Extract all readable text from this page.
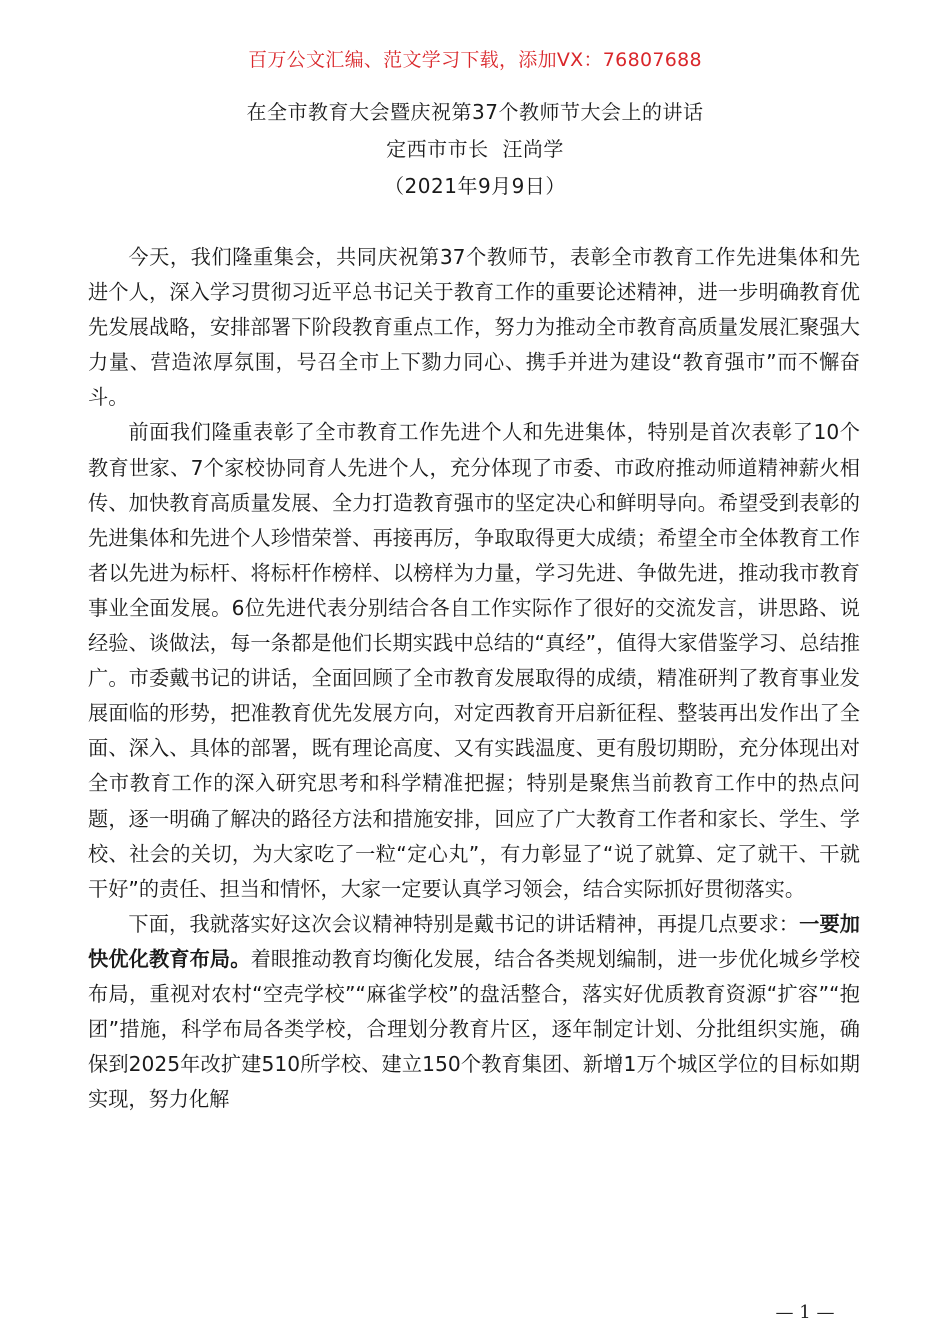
百万公文汇编、范文学习下载，添加VX：76807688
在全市教育大会暨庆祝第37个教师节大会上的讲话
定西市市长  汪尚学
（2021年9月9日）

今天，我们隆重集会，共同庆祝第37个教师节，表彰全市教育工作先进集体和先进个人，深入学习贯彻习近平总书记关于教育工作的重要论述精神，进一步明确教育优先发展战略，安排部署下阶段教育重点工作，努力为推动全市教育高质量发展汇聚强大力量、营造浓厚氛围，号召全市上下勠力同心、携手并进为建设“教育强市”而不懈奋斗。

前面我们隆重表彰了全市教育工作先进个人和先进集体，特别是首次表彰了10个教育世家、7个家校协同育人先进个人，充分体现了市委、市政府推动师道精神薪火相传、加快教育高质量发展、全力打造教育强市的坚定决心和鲜明导向。希望受到表彰的先进集体和先进个人珍惜荣誉、再接再厉，争取取得更大成绩；希望全市全体教育工作者以先进为标杆、将标杆作榜样、以榜样为力量，学习先进、争做先进，推动我市教育事业全面发展。6位先进代表分别结合各自工作实际作了很好的交流发言，讲思路、说经验、谈做法，每一条都是他们长期实践中总结的“真经”，值得大家借鉴学习、总结推广。市委戴书记的讲话，全面回顾了全市教育发展取得的成绩，精准研判了教育事业发展面临的形势，把准教育优先发展方向，对定西教育开启新征程、整装再出发作出了全面、深入、具体的部署，既有理论高度、又有实践温度、更有殷切期盼，充分体现出对全市教育工作的深入研究思考和科学精准把握；特别是聚焦当前教育工作中的热点问题，逐一明确了解决的路径方法和措施安排，回应了广大教育工作者和家长、学生、学校、社会的关切，为大家吃了一粒“定心丸”，有力彰显了“说了就算、定了就干、干就干好”的责任、担当和情怀，大家一定要认真学习领会，结合实际抓好贯彻落实。

下面，我就落实好这次会议精神特别是戴书记的讲话精神，再提几点要求：一要加快优化教育布局。着眼推动教育均衡化发展，结合各类规划编制，进一步优化城乡学校布局，重视对农村“空壳学校”“麻雀学校”的盘活整合，落实好优质教育资源“扩容”“抱团”措施，科学布局各类学校，合理划分教育片区，逐年制定计划、分批组织实施，确保到2025年改扩建510所学校、建立150个教育集团、新增1万个城区学位的目标如期实现，努力化解

— 1 —
